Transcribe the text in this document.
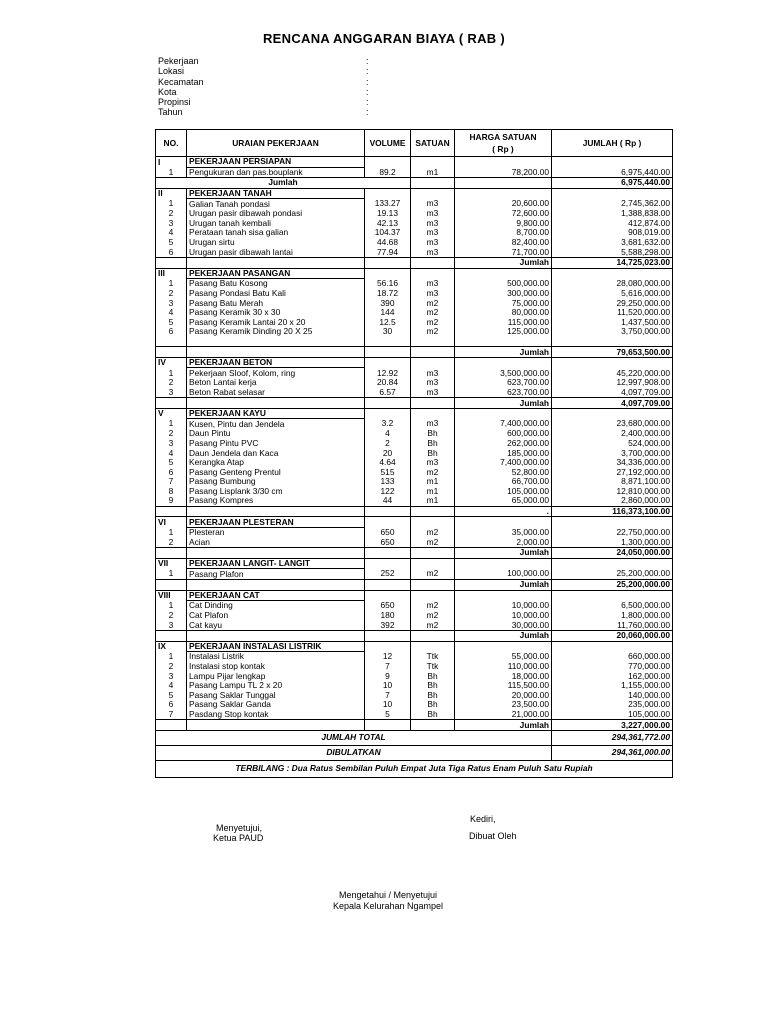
RENCANA ANGGARAN BIAYA ( RAB )
Pekerjaan	:
Lokasi	:
Kecamatan	:
Kota	:
Propinsi	:
Tahun	:
NO.	URAIAN PEKERJAAN	VOLUME	SATUAN	HARGA SATUAN
( Rp )	JUMLAH ( Rp )
I	PEKERJAAN PERSIAPAN				
1	Pengukuran dan pas.bouplank	89.2	m1	78,200.00	6,975,440.00
Jumlah					6,975,440.00
II	PEKERJAAN TANAH				
1	Galian Tanah pondasi	133.27	m3	20,600.00	2,745,362.00
2	Urugan pasir dibawah pondasi	19.13	m3	72,600.00	1,388,838.00
3	Urugan tanah kembali	42.13	m3	9,800.00	412,874.00
4	Perataan tanah sisa galian	104.37	m3	8,700.00	908,019.00
5	Urugan sirtu	44.68	m3	82,400.00	3,681,632.00
6	Urugan pasir dibawah lantai	77.94	m3	71,700.00	5,588,298.00
				Jumlah	14,725,023.00
III	PEKERJAAN PASANGAN				
1	Pasang Batu Kosong	56.16	m3	500,000.00	28,080,000.00
2	Pasang Pondasi Batu Kali	18.72	m3	300,000.00	5,616,000.00
3	Pasang Batu Merah	390	m2	75,000.00	29,250,000.00
4	Pasang Keramik 30 x 30	144	m2	80,000.00	11,520,000.00
5	Pasang Keramik Lantai 20 x 20	12.5	m2	115,000.00	1,437,500.00
6	Pasang Keramik Dinding 20 X 25	30	m2	125,000.00	3,750,000.00

				Jumlah	79,653,500.00
IV	PEKERJAAN BETON				
1	Pekerjaan Sloof, Kolom, ring	12.92	m3	3,500,000.00	45,220,000.00
2	Beton Lantai kerja	20.84	m3	623,700.00	12,997,908.00
3	Beton Rabat selasar	6.57	m3	623,700.00	4,097,709.00
				Jumlah	4,097,709.00
V	PEKERJAAN KAYU				
1	Kusen, Pintu dan Jendela	3.2	m3	7,400,000.00	23,680,000.00
2	Daun Pintu	4	Bh	600,000.00	2,400,000.00
3	Pasang Pintu PVC	2	Bh	262,000.00	524,000.00
4	Daun Jendela dan Kaca	20	Bh	185,000.00	3,700,000.00
5	Kerangka Atap	4.64	m3	7,400,000.00	34,336,000.00
6	Pasang Genteng Prentul	515	m2	52,800.00	27,192,000.00
7	Pasang Bumbung	133	m1	66,700.00	8,871,100.00
8	Pasang Lisplank 3/30 cm	122	m1	105,000.00	12,810,000.00
9	Pasang Kompres	44	m1	65,000.00	2,860,000.00
				.	116,373,100.00
VI	PEKERJAAN PLESTERAN				
1	Plesteran	650	m2	35,000.00	22,750,000.00
2	Acian	650	m2	2,000.00	1,300,000.00
				Jumlah	24,050,000.00
VII	PEKERJAAN LANGIT- LANGIT				
1	Pasang Plafon	252	m2	100,000.00	25,200,000.00
				Jumlah	25,200,000.00
VIII	PEKERJAAN CAT				
1	Cat Dinding	650	m2	10,000.00	6,500,000.00
2	Cat Plafon	180	m2	10,000.00	1,800,000.00
3	Cat kayu	392	m2	30,000.00	11,760,000.00
				Jumlah	20,060,000.00
IX	PEKERJAAN INSTALASI LISTRIK				
1	Instalasi Listrik	12	Ttk	55,000.00	660,000.00
2	Instalasi stop kontak	7	Ttk	110,000.00	770,000.00
3	Lampu Pijar lengkap	9	Bh	18,000.00	162,000.00
4	Pasang Lampu TL 2 x 20	10	Bh	115,500.00	1,155,000.00
5	Pasang Saklar Tunggal	7	Bh	20,000.00	140,000.00
6	Pasang Saklar Ganda	10	Bh	23,500.00	235,000.00
7	Pasdang Stop kontak	5	Bh	21,000.00	105,000.00
				Jumlah	3,227,000.00
JUMLAH TOTAL					294,361,772.00
DIBULATKAN					294,361,000.00
TERBILANG : Dua Ratus Sembilan Puluh Empat Juta Tiga Ratus Enam Puluh Satu Rupiah					
Kediri,
Dibuat Oleh
Menyetujui,
Ketua PAUD
Mengetahui / Menyetujui
Kepala Kelurahan Ngampel
